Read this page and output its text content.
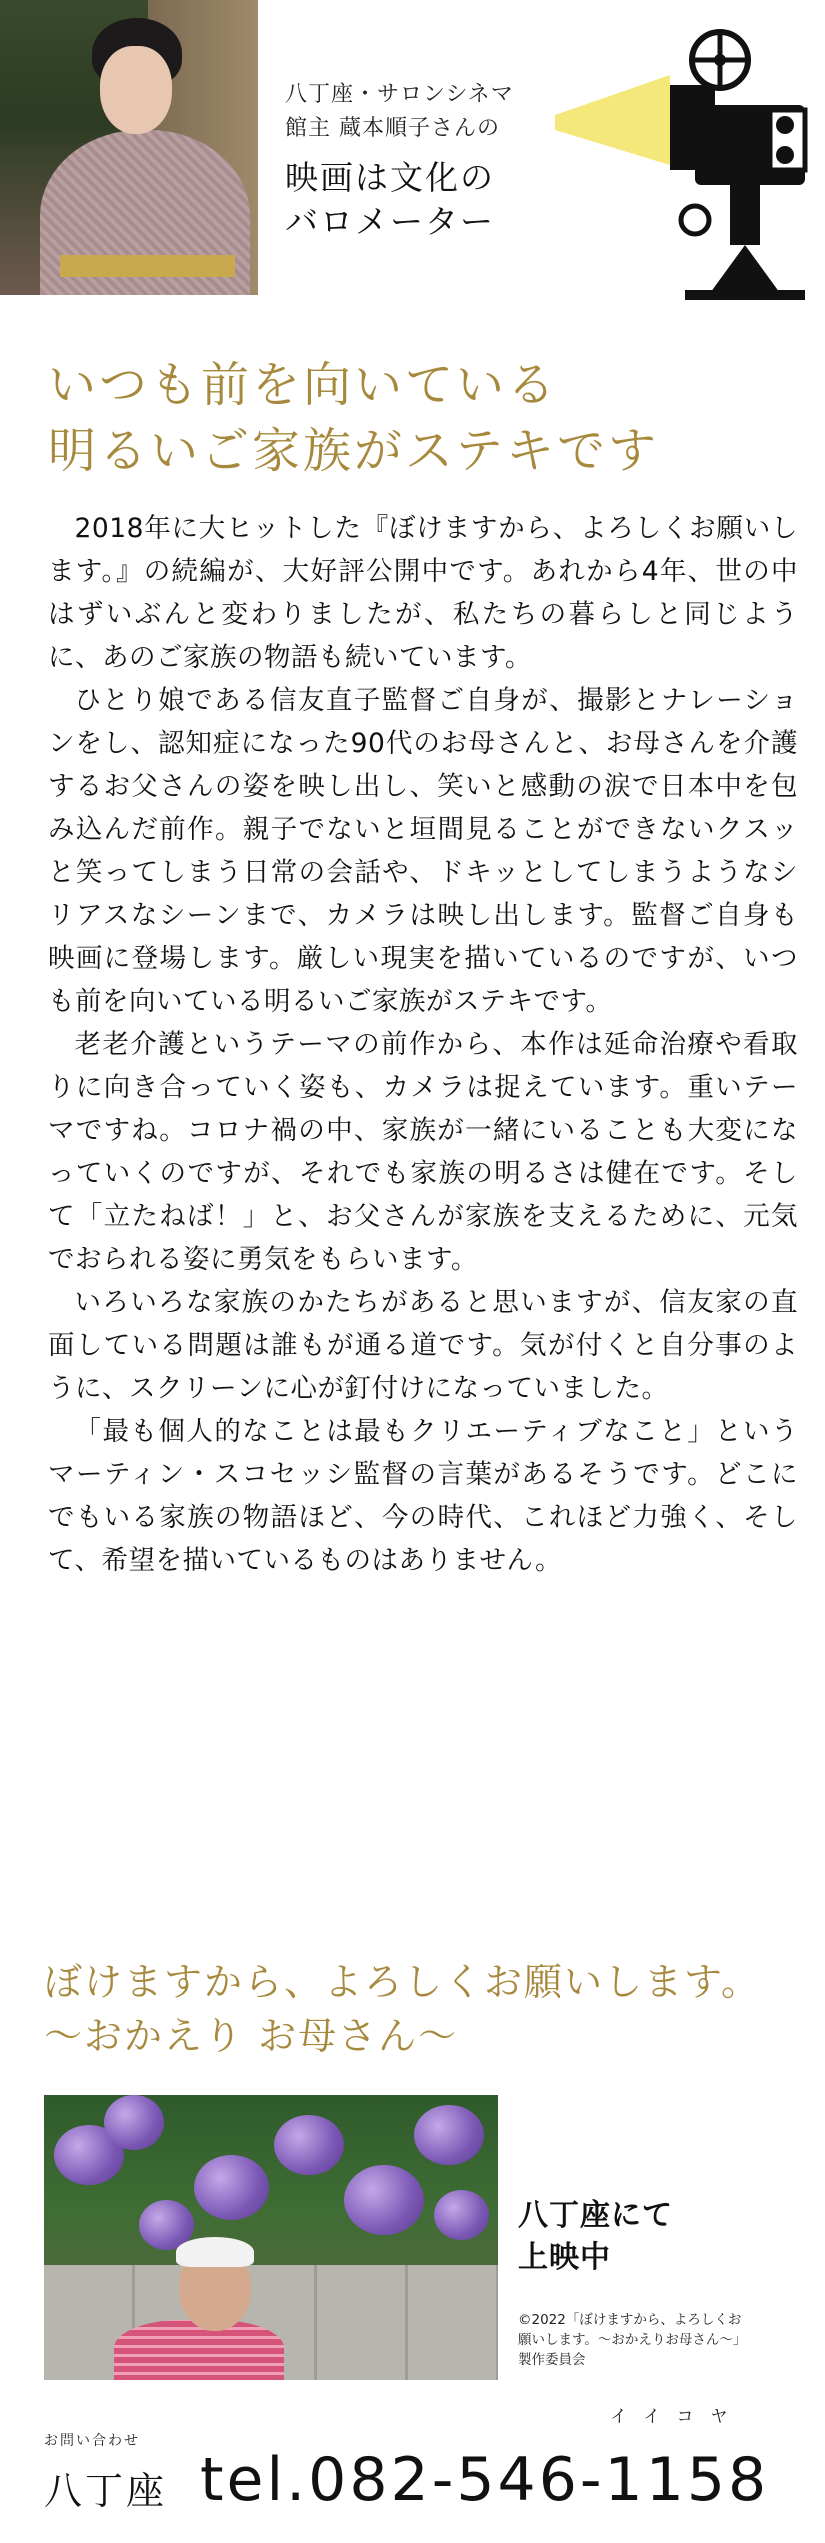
八丁座・サロンシネマ
館主 蔵本順子さんの
映画は文化の
バロメーター
いつも前を向いている
明るいご家族がステキです

2018年に大ヒットした『ぼけますから、よろしくお願いします。』の続編が、大好評公開中です。あれから4年、世の中はずいぶんと変わりましたが、私たちの暮らしと同じように、あのご家族の物語も続いています。

ひとり娘である信友直子監督ご自身が、撮影とナレーションをし、認知症になった90代のお母さんと、お母さんを介護するお父さんの姿を映し出し、笑いと感動の涙で日本中を包み込んだ前作。親子でないと垣間見ることができないクスッと笑ってしまう日常の会話や、ドキッとしてしまうようなシリアスなシーンまで、カメラは映し出します。監督ご自身も映画に登場します。厳しい現実を描いているのですが、いつも前を向いている明るいご家族がステキです。

老老介護というテーマの前作から、本作は延命治療や看取りに向き合っていく姿も、カメラは捉えています。重いテーマですね。コロナ禍の中、家族が一緒にいることも大変になっていくのですが、それでも家族の明るさは健在です。そして「立たねば！」と、お父さんが家族を支えるために、元気でおられる姿に勇気をもらいます。

いろいろな家族のかたちがあると思いますが、信友家の直面している問題は誰もが通る道です。気が付くと自分事のように、スクリーンに心が釘付けになっていました。

「最も個人的なことは最もクリエーティブなこと」というマーティン・スコセッシ監督の言葉があるそうです。どこにでもいる家族の物語ほど、今の時代、これほど力強く、そして、希望を描いているものはありません。

ぼけますから、よろしくお願いします。
〜おかえり お母さん〜
八丁座にて
上映中
©2022「ぼけますから、よろしくお
願いします。〜おかえりお母さん〜」
製作委員会
お問い合わせ
八丁座
イイコヤ
tel.082-546-1158
